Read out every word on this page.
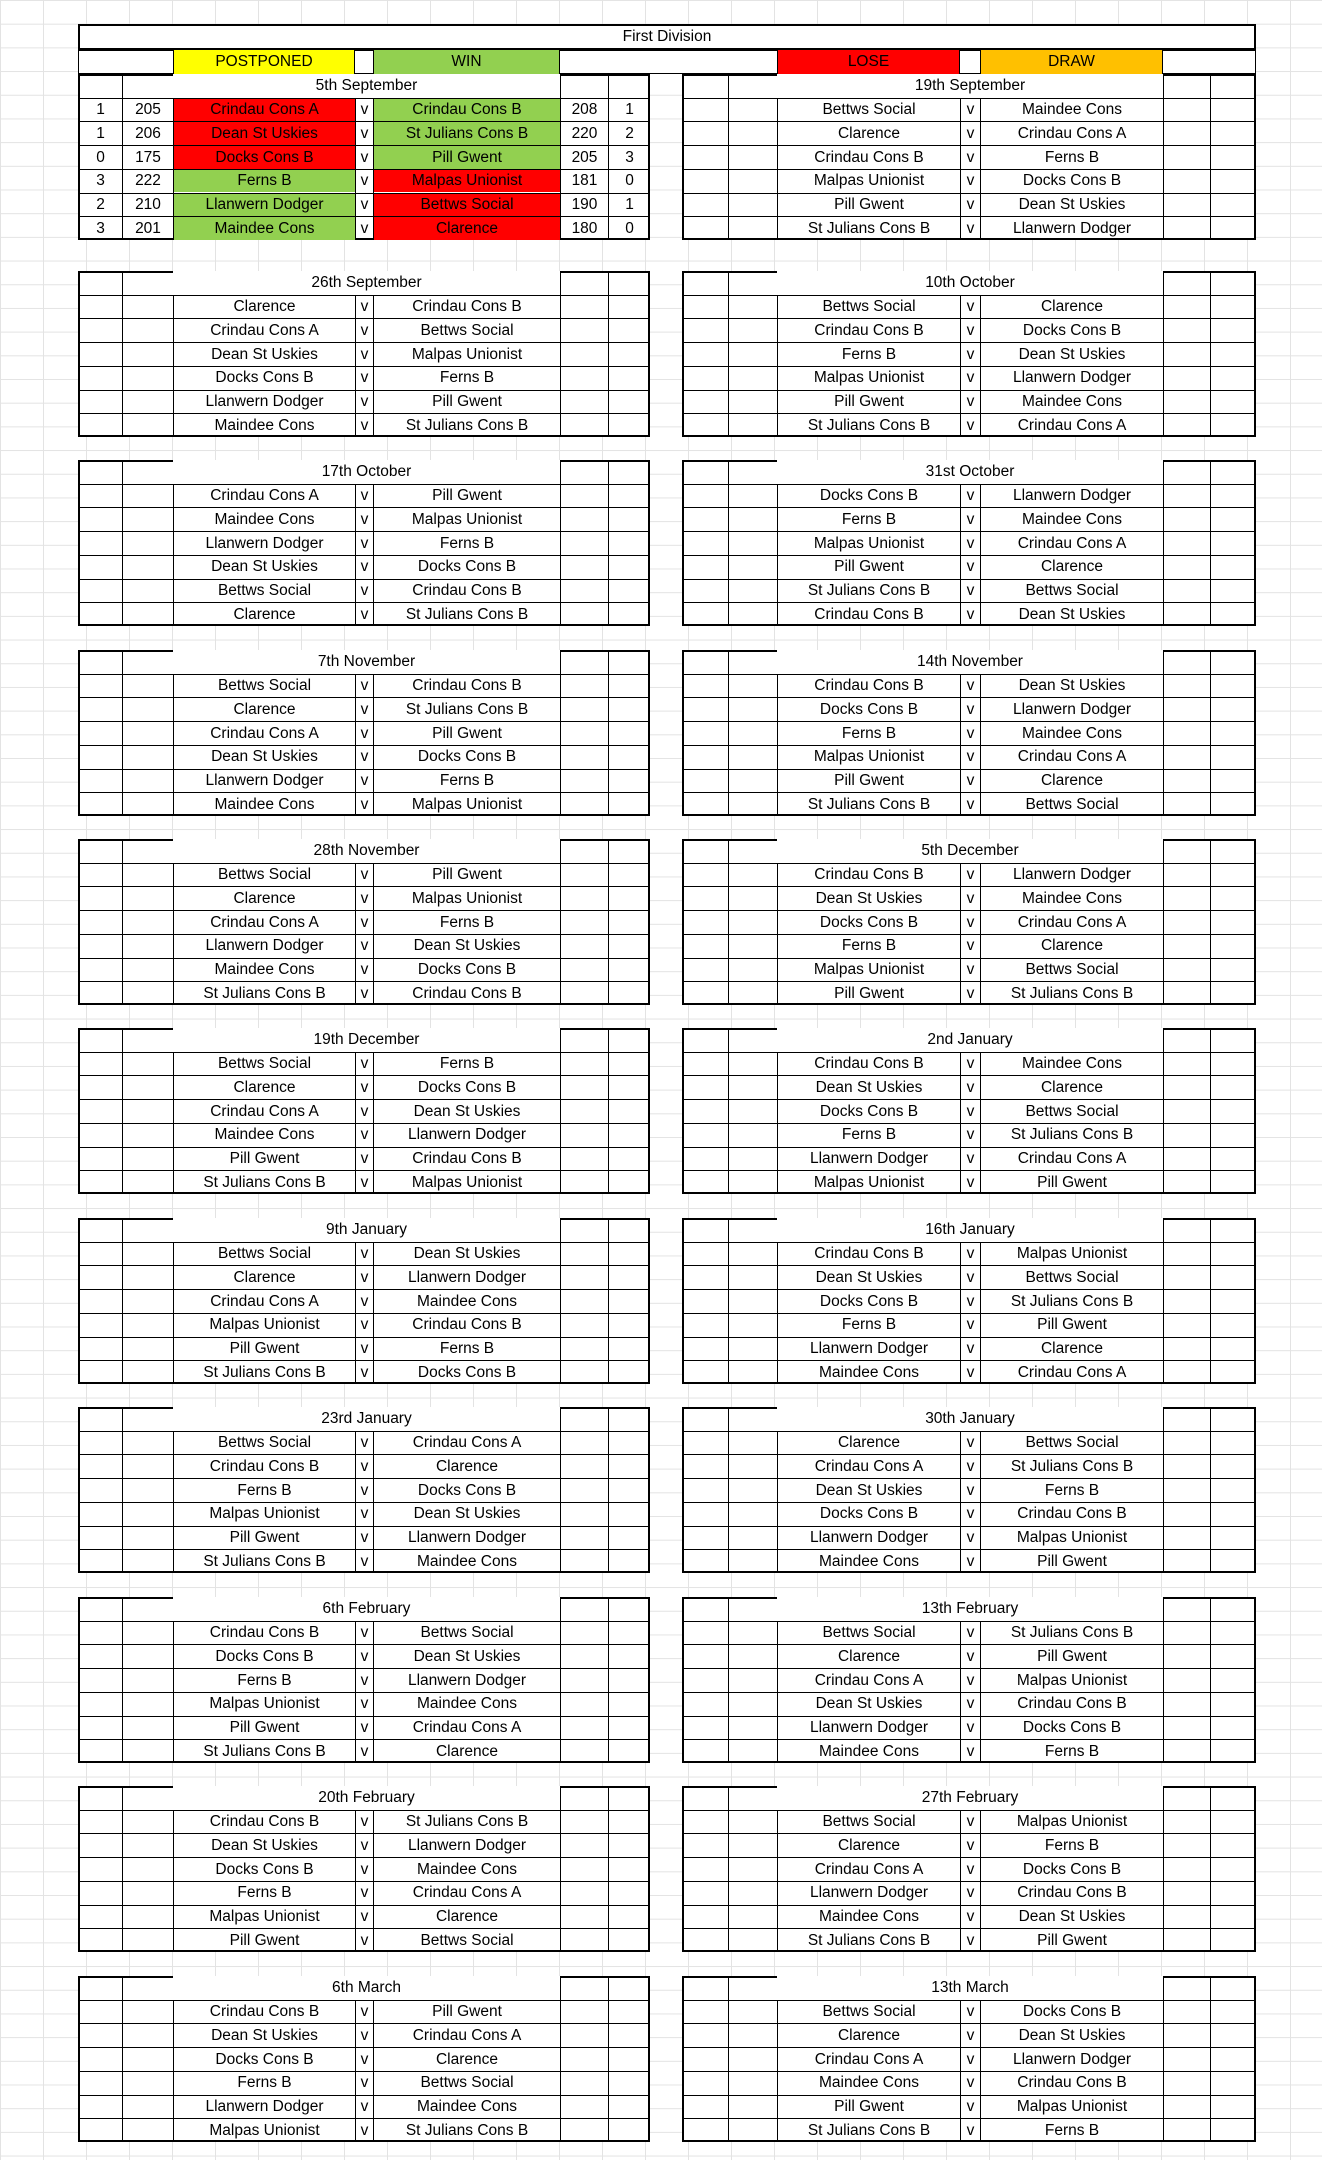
First Division
POSTPONED	WIN	LOSE	DRAW
5th September
1	205	Crindau Cons A	v	Crindau Cons B	208	1
1	206	Dean St Uskies	v	St Julians Cons B	220	2
0	175	Docks Cons B	v	Pill Gwent	205	3
3	222	Ferns B	v	Malpas Unionist	181	0
2	210	Llanwern Dodger	v	Bettws Social	190	1
3	201	Maindee Cons	v	Clarence	180	0
19th September
Bettws Social	v	Maindee Cons
Clarence	v	Crindau Cons A
Crindau Cons B	v	Ferns B
Malpas Unionist	v	Docks Cons B
Pill Gwent	v	Dean St Uskies
St Julians Cons B	v	Llanwern Dodger
26th September
Clarence	v	Crindau Cons B
Crindau Cons A	v	Bettws Social
Dean St Uskies	v	Malpas Unionist
Docks Cons B	v	Ferns B
Llanwern Dodger	v	Pill Gwent
Maindee Cons	v	St Julians Cons B
10th October
Bettws Social	v	Clarence
Crindau Cons B	v	Docks Cons B
Ferns B	v	Dean St Uskies
Malpas Unionist	v	Llanwern Dodger
Pill Gwent	v	Maindee Cons
St Julians Cons B	v	Crindau Cons A
17th October
Crindau Cons A	v	Pill Gwent
Maindee Cons	v	Malpas Unionist
Llanwern Dodger	v	Ferns B
Dean St Uskies	v	Docks Cons B
Bettws Social	v	Crindau Cons B
Clarence	v	St Julians Cons B
31st October
Docks Cons B	v	Llanwern Dodger
Ferns B	v	Maindee Cons
Malpas Unionist	v	Crindau Cons A
Pill Gwent	v	Clarence
St Julians Cons B	v	Bettws Social
Crindau Cons B	v	Dean St Uskies
7th November
Bettws Social	v	Crindau Cons B
Clarence	v	St Julians Cons B
Crindau Cons A	v	Pill Gwent
Dean St Uskies	v	Docks Cons B
Llanwern Dodger	v	Ferns B
Maindee Cons	v	Malpas Unionist
14th November
Crindau Cons B	v	Dean St Uskies
Docks Cons B	v	Llanwern Dodger
Ferns B	v	Maindee Cons
Malpas Unionist	v	Crindau Cons A
Pill Gwent	v	Clarence
St Julians Cons B	v	Bettws Social
28th November
Bettws Social	v	Pill Gwent
Clarence	v	Malpas Unionist
Crindau Cons A	v	Ferns B
Llanwern Dodger	v	Dean St Uskies
Maindee Cons	v	Docks Cons B
St Julians Cons B	v	Crindau Cons B
5th December
Crindau Cons B	v	Llanwern Dodger
Dean St Uskies	v	Maindee Cons
Docks Cons B	v	Crindau Cons A
Ferns B	v	Clarence
Malpas Unionist	v	Bettws Social
Pill Gwent	v	St Julians Cons B
19th December
Bettws Social	v	Ferns B
Clarence	v	Docks Cons B
Crindau Cons A	v	Dean St Uskies
Maindee Cons	v	Llanwern Dodger
Pill Gwent	v	Crindau Cons B
St Julians Cons B	v	Malpas Unionist
2nd January
Crindau Cons B	v	Maindee Cons
Dean St Uskies	v	Clarence
Docks Cons B	v	Bettws Social
Ferns B	v	St Julians Cons B
Llanwern Dodger	v	Crindau Cons A
Malpas Unionist	v	Pill Gwent
9th January
Bettws Social	v	Dean St Uskies
Clarence	v	Llanwern Dodger
Crindau Cons A	v	Maindee Cons
Malpas Unionist	v	Crindau Cons B
Pill Gwent	v	Ferns B
St Julians Cons B	v	Docks Cons B
16th January
Crindau Cons B	v	Malpas Unionist
Dean St Uskies	v	Bettws Social
Docks Cons B	v	St Julians Cons B
Ferns B	v	Pill Gwent
Llanwern Dodger	v	Clarence
Maindee Cons	v	Crindau Cons A
23rd January
Bettws Social	v	Crindau Cons A
Crindau Cons B	v	Clarence
Ferns B	v	Docks Cons B
Malpas Unionist	v	Dean St Uskies
Pill Gwent	v	Llanwern Dodger
St Julians Cons B	v	Maindee Cons
30th January
Clarence	v	Bettws Social
Crindau Cons A	v	St Julians Cons B
Dean St Uskies	v	Ferns B
Docks Cons B	v	Crindau Cons B
Llanwern Dodger	v	Malpas Unionist
Maindee Cons	v	Pill Gwent
6th February
Crindau Cons B	v	Bettws Social
Docks Cons B	v	Dean St Uskies
Ferns B	v	Llanwern Dodger
Malpas Unionist	v	Maindee Cons
Pill Gwent	v	Crindau Cons A
St Julians Cons B	v	Clarence
13th February
Bettws Social	v	St Julians Cons B
Clarence	v	Pill Gwent
Crindau Cons A	v	Malpas Unionist
Dean St Uskies	v	Crindau Cons B
Llanwern Dodger	v	Docks Cons B
Maindee Cons	v	Ferns B
20th February
Crindau Cons B	v	St Julians Cons B
Dean St Uskies	v	Llanwern Dodger
Docks Cons B	v	Maindee Cons
Ferns B	v	Crindau Cons A
Malpas Unionist	v	Clarence
Pill Gwent	v	Bettws Social
27th February
Bettws Social	v	Malpas Unionist
Clarence	v	Ferns B
Crindau Cons A	v	Docks Cons B
Llanwern Dodger	v	Crindau Cons B
Maindee Cons	v	Dean St Uskies
St Julians Cons B	v	Pill Gwent
6th March
Crindau Cons B	v	Pill Gwent
Dean St Uskies	v	Crindau Cons A
Docks Cons B	v	Clarence
Ferns B	v	Bettws Social
Llanwern Dodger	v	Maindee Cons
Malpas Unionist	v	St Julians Cons B
13th March
Bettws Social	v	Docks Cons B
Clarence	v	Dean St Uskies
Crindau Cons A	v	Llanwern Dodger
Maindee Cons	v	Crindau Cons B
Pill Gwent	v	Malpas Unionist
St Julians Cons B	v	Ferns B
